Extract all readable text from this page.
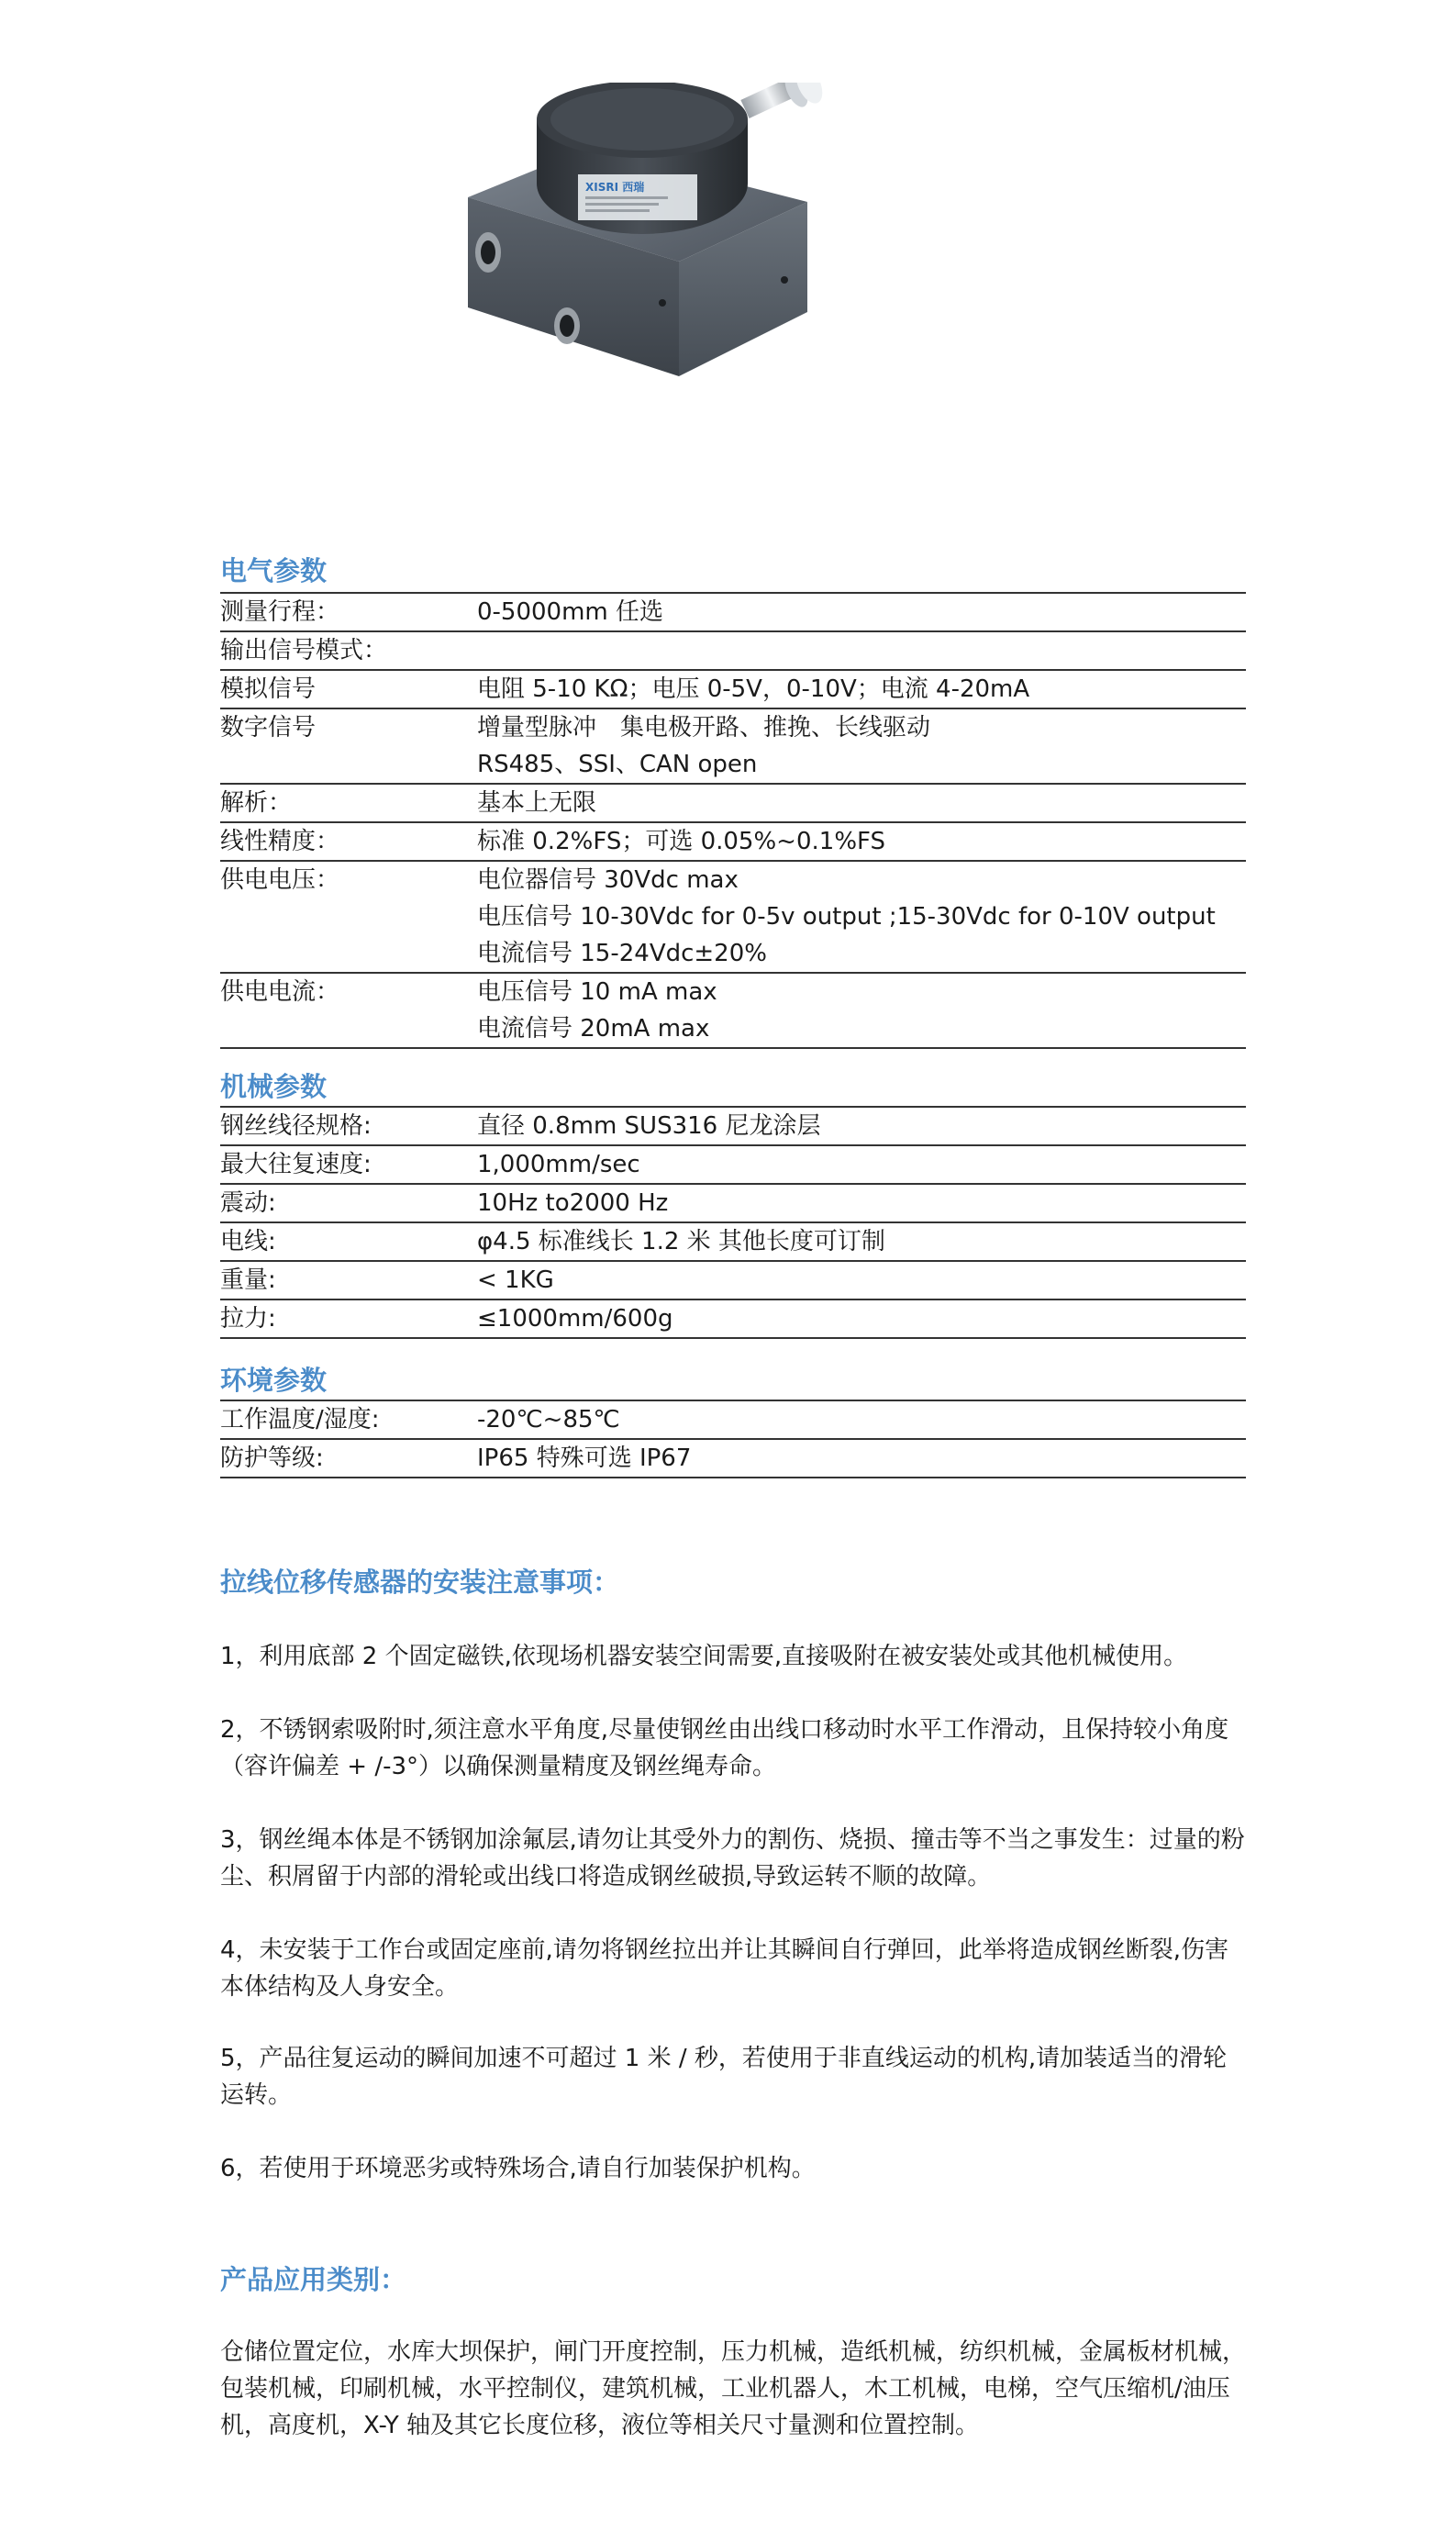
XISRI 西瑞
电气参数
测量行程：	0-5000mm 任选

输出信号模式：	

模拟信号	电阻 5-10 KΩ；电压 0-5V，0-10V；电流 4-20mA

数字信号	增量型脉冲　集电极开路、推挽、长线驱动
RS485、SSI、CAN open

解析：	基本上无限

线性精度：	标准 0.2%FS；可选 0.05%~0.1%FS

供电电压：	电位器信号 30Vdc max
电压信号 10-30Vdc for 0-5v output ;15-30Vdc for 0-10V output
电流信号 15-24Vdc±20%

供电电流：	电压信号 10 mA max
电流信号 20mA max
机械参数
钢丝线径规格:	直径 0.8mm SUS316 尼龙涂层

最大往复速度:	1,000mm/sec

震动:	10Hz to2000 Hz

电线:	φ4.5 标准线长 1.2 米 其他长度可订制

重量:	< 1KG

拉力:	≤1000mm/600g
环境参数
工作温度/湿度:	-20℃~85℃

防护等级:	IP65 特殊可选 IP67
拉线位移传感器的安装注意事项：

1，利用底部 2 个固定磁铁,依现场机器安装空间需要,直接吸附在被安装处或其他机械使用。

2，不锈钢索吸附时,须注意水平角度,尽量使钢丝由出线口移动时水平工作滑动，且保持较小角度（容许偏差 + /-3°）以确保测量精度及钢丝绳寿命。

3，钢丝绳本体是不锈钢加涂氟层,请勿让其受外力的割伤、烧损、撞击等不当之事发生：过量的粉尘、积屑留于内部的滑轮或出线口将造成钢丝破损,导致运转不顺的故障。

4，未安装于工作台或固定座前,请勿将钢丝拉出并让其瞬间自行弹回，此举将造成钢丝断裂,伤害本体结构及人身安全。

5，产品往复运动的瞬间加速不可超过 1 米 / 秒，若使用于非直线运动的机构,请加装适当的滑轮运转。

6，若使用于环境恶劣或特殊场合,请自行加装保护机构。

产品应用类别：

仓储位置定位，水库大坝保护，闸门开度控制，压力机械，造纸机械，纺织机械，金属板材机械，包装机械，印刷机械，水平控制仪，建筑机械，工业机器人，木工机械，电梯，空气压缩机/油压机，高度机，X-Y 轴及其它长度位移，液位等相关尺寸量测和位置控制。
